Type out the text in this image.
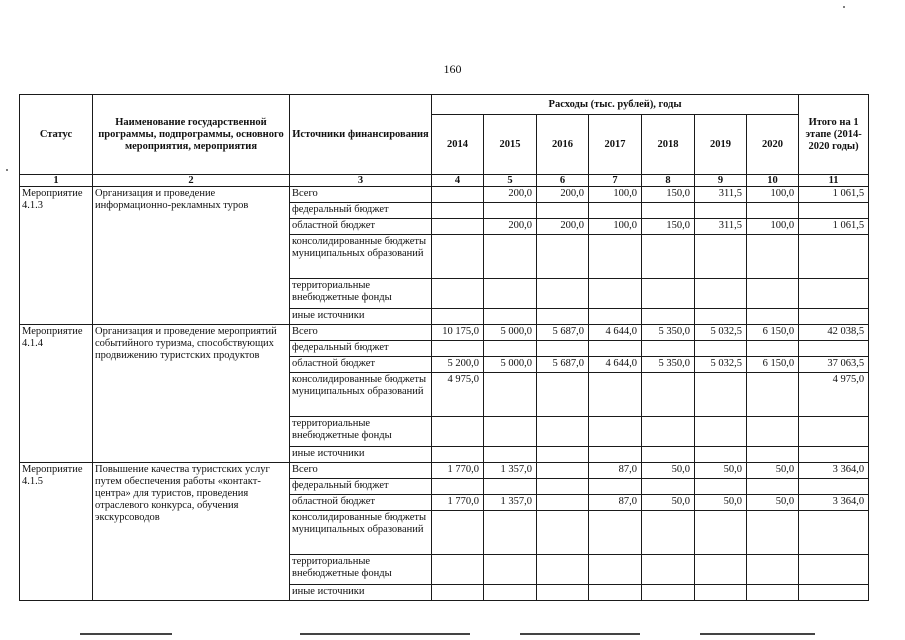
160
Статус	Наименование государственной программы, подпрограммы, основного мероприятия, мероприятия	Источники финансирования	Расходы (тыс. рублей), годы							Итого на 1 этапе (2014-2020 годы)
			2014	2015	2016	2017	2018	2019	2020	
1	2	3	4	5	6	7	8	9	10	11
Мероприятие 4.1.3	Организация и проведение информационно-рекламных туров	Всего		200,0	200,0	100,0	150,0	311,5	100,0	1 061,5
		федеральный бюджет								
		областной бюджет		200,0	200,0	100,0	150,0	311,5	100,0	1 061,5
		консолидированные бюджеты муниципальных образований								
		территориальные внебюджетные фонды								
		иные источники								
Мероприятие 4.1.4	Организация и проведение мероприятий событийного туризма, способствующих продвижению туристских продуктов	Всего	10 175,0	5 000,0	5 687,0	4 644,0	5 350,0	5 032,5	6 150,0	42 038,5
		федеральный бюджет								
		областной бюджет	5 200,0	5 000,0	5 687,0	4 644,0	5 350,0	5 032,5	6 150,0	37 063,5
		консолидированные бюджеты муниципальных образований	4 975,0							4 975,0
		территориальные внебюджетные фонды								
		иные источники								
Мероприятие 4.1.5	Повышение качества туристских услуг путем обеспечения работы «контакт-центра» для туристов, проведения отраслевого конкурса, обучения экскурсоводов	Всего	1 770,0	1 357,0		87,0	50,0	50,0	50,0	3 364,0
		федеральный бюджет								
		областной бюджет	1 770,0	1 357,0		87,0	50,0	50,0	50,0	3 364,0
		консолидированные бюджеты муниципальных образований								
		территориальные внебюджетные фонды								
		иные источники								
